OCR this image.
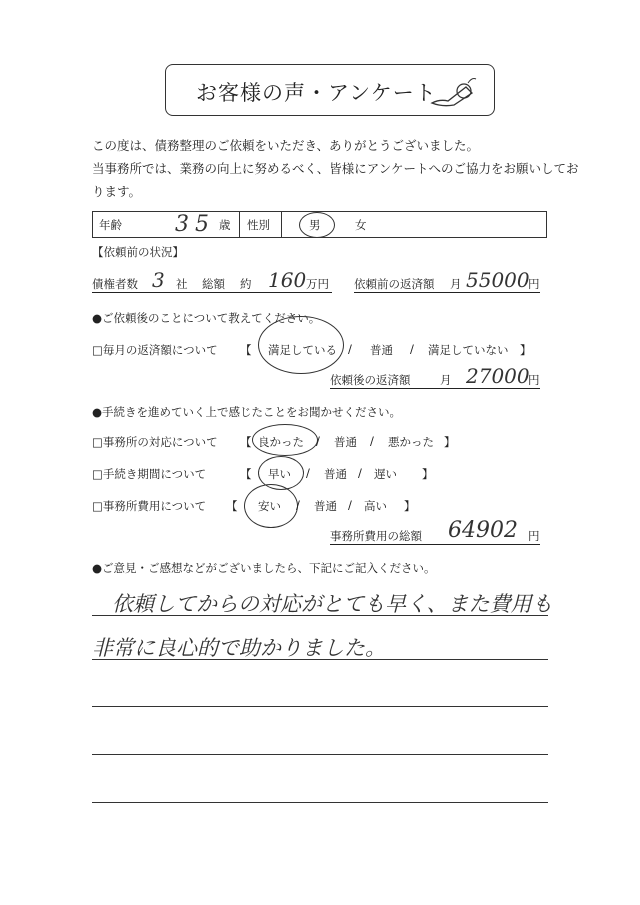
お客様の声・アンケート
この度は、債務整理のご依頼をいただき、ありがとうございました。
当事務所では、業務の向上に努めるべく、皆様にアンケートへのご協力をお願いしてお
ります。
年齢 35 歳 性別	男	女
【依頼前の状況】
債権者数 3 社 総額 約 160 万円 依頼前の返済額 月 55000
円
●ご依頼後のことについて教えてください。
□毎月の返済額について 【 満足している / 普通 / 満足していない 】
依頼後の返済額	月 27000
円
●手続きを進めていく上で感じたことをお聞かせください。
□事務所の対応について 【 良かった / 普通 / 悪かった 】
□手続き期間について	【 早い / 普通 / 遅い 】
□事務所費用について 【 安い / 普通 / 高い 】
事務所費用の総額 64902 円
●ご意見・ご感想などがございましたら、下記にご記入ください。
依頼してからの対応がとても早く、また費用も
非常に良心的で助かりました。
